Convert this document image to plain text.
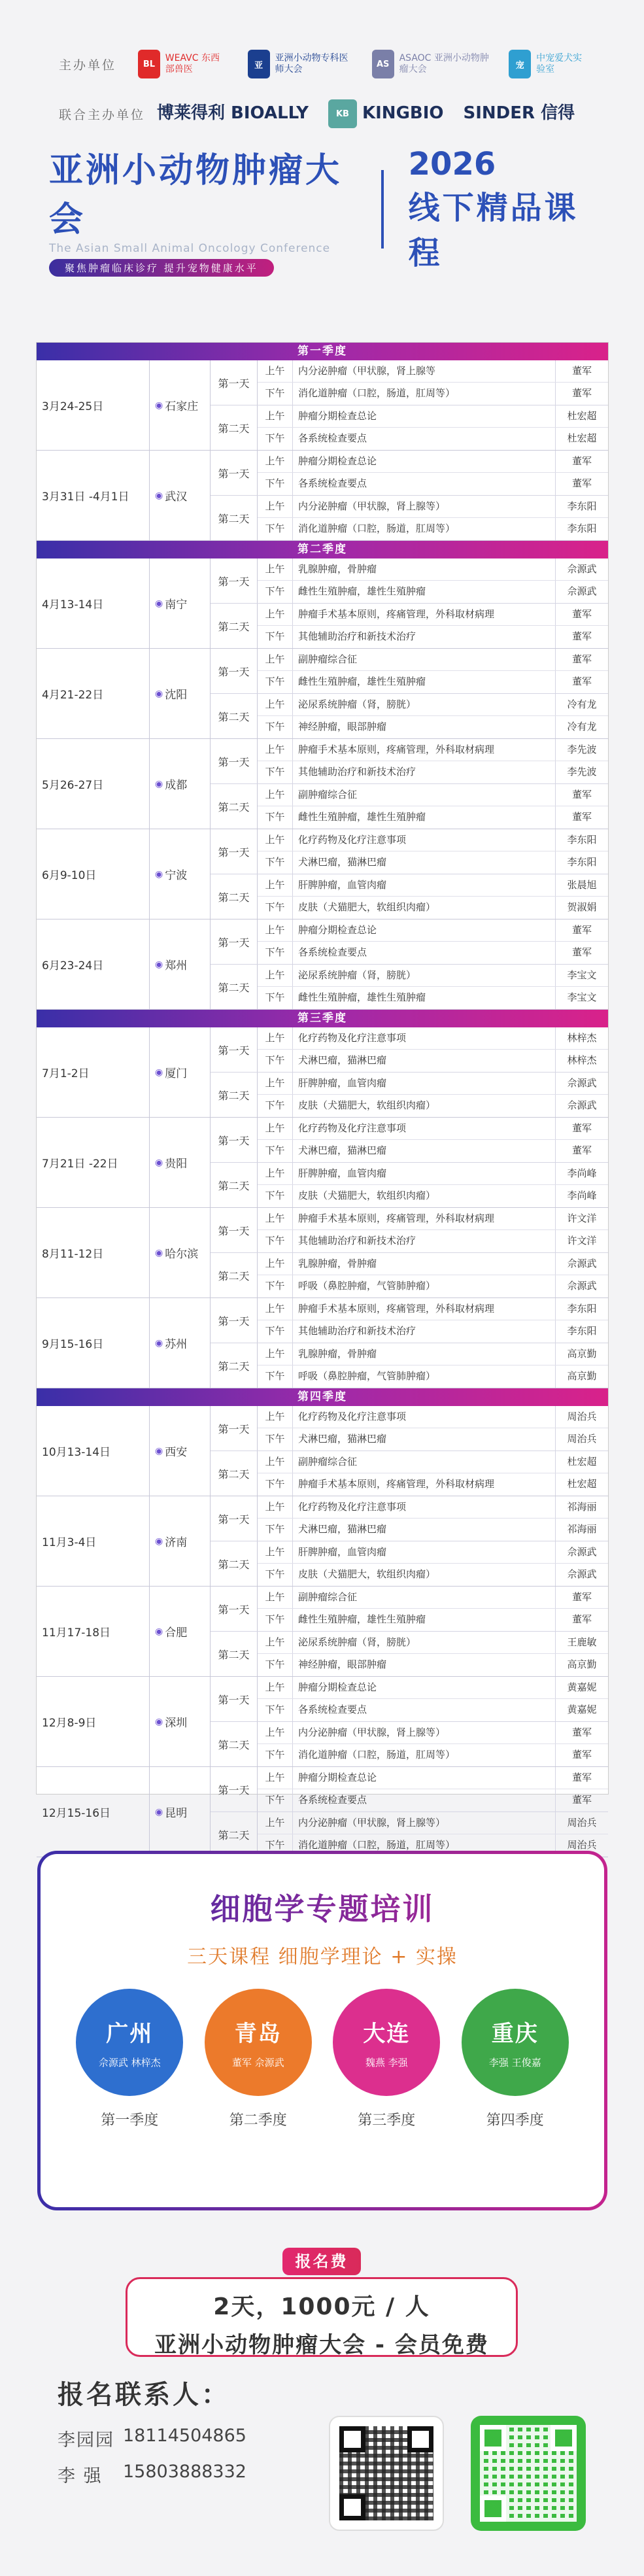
主办单位	BL
WEAVC 东西部兽医	亚
亚洲小动物专科医师大会	AS
ASAOC 亚洲小动物肿瘤大会	宠
中宠爱犬实验室
联合主办单位 博莱得利 BIOALLY	KB KINGBIO SINDER 信得
亚洲小动物肿瘤大会
The Asian Small Animal Oncology Conference
聚焦肿瘤临床诊疗 提升宠物健康水平
2026
线下精品课程
第一季度
3月24-25日	◉ 石家庄
第一天
上午	内分泌肿瘤（甲状腺，肾上腺等	董军
下午	消化道肿瘤（口腔，肠道，肛周等）	董军
第二天
上午	肿瘤分期检查总论	杜宏超
下午	各系统检查要点	杜宏超
3月31日 -4月1日	◉ 武汉
第一天
上午	肿瘤分期检查总论	董军
下午	各系统检查要点	董军
第二天
上午	内分泌肿瘤（甲状腺，肾上腺等）	李东阳
下午	消化道肿瘤（口腔，肠道，肛周等）	李东阳
第二季度
4月13-14日	◉ 南宁
第一天
上午	乳腺肿瘤，骨肿瘤	佘源武
下午	雌性生殖肿瘤，雄性生殖肿瘤	佘源武
第二天
上午	肿瘤手术基本原则，疼痛管理，外科取材病理	董军
下午	其他辅助治疗和新技术治疗	董军
4月21-22日	◉ 沈阳
第一天
上午	副肿瘤综合征	董军
下午	雌性生殖肿瘤，雄性生殖肿瘤	董军
第二天
上午	泌尿系统肿瘤（肾，膀胱）	冷有龙
下午	神经肿瘤，眼部肿瘤	冷有龙
5月26-27日	◉ 成都
第一天
上午	肿瘤手术基本原则，疼痛管理，外科取材病理	李先波
下午	其他辅助治疗和新技术治疗	李先波
第二天
上午	副肿瘤综合征	董军
下午	雌性生殖肿瘤，雄性生殖肿瘤	董军
6月9-10日	◉ 宁波
第一天
上午	化疗药物及化疗注意事项	李东阳
下午	犬淋巴瘤，猫淋巴瘤	李东阳
第二天
上午	肝脾肿瘤，血管肉瘤	张晨旭
下午	皮肤（犬猫肥大，软组织肉瘤）	贺淑娟
6月23-24日	◉ 郑州
第一天
上午	肿瘤分期检查总论	董军
下午	各系统检查要点	董军
第二天
上午	泌尿系统肿瘤（肾，膀胱）	李宝文
下午	雌性生殖肿瘤，雄性生殖肿瘤	李宝文
第三季度
7月1-2日	◉ 厦门
第一天
上午	化疗药物及化疗注意事项	林梓杰
下午	犬淋巴瘤，猫淋巴瘤	林梓杰
第二天
上午	肝脾肿瘤，血管肉瘤	佘源武
下午	皮肤（犬猫肥大，软组织肉瘤）	佘源武
7月21日 -22日	◉ 贵阳
第一天
上午	化疗药物及化疗注意事项	董军
下午	犬淋巴瘤，猫淋巴瘤	董军
第二天
上午	肝脾肿瘤，血管肉瘤	李尚峰
下午	皮肤（犬猫肥大，软组织肉瘤）	李尚峰
8月11-12日	◉ 哈尔滨
第一天
上午	肿瘤手术基本原则，疼痛管理，外科取材病理	许文洋
下午	其他辅助治疗和新技术治疗	许文洋
第二天
上午	乳腺肿瘤，骨肿瘤	佘源武
下午	呼吸（鼻腔肿瘤，气管肺肿瘤）	佘源武
9月15-16日	◉ 苏州
第一天
上午	肿瘤手术基本原则，疼痛管理，外科取材病理	李东阳
下午	其他辅助治疗和新技术治疗	李东阳
第二天
上午	乳腺肿瘤，骨肿瘤	高京勤
下午	呼吸（鼻腔肿瘤，气管肺肿瘤）	高京勤
第四季度
10月13-14日	◉ 西安
第一天
上午	化疗药物及化疗注意事项	周治兵
下午	犬淋巴瘤，猫淋巴瘤	周治兵
第二天
上午	副肿瘤综合征	杜宏超
下午	肿瘤手术基本原则，疼痛管理，外科取材病理	杜宏超
11月3-4日	◉ 济南
第一天
上午	化疗药物及化疗注意事项	祁海丽
下午	犬淋巴瘤，猫淋巴瘤	祁海丽
第二天
上午	肝脾肿瘤，血管肉瘤	佘源武
下午	皮肤（犬猫肥大，软组织肉瘤）	佘源武
11月17-18日	◉ 合肥
第一天
上午	副肿瘤综合征	董军
下午	雌性生殖肿瘤，雄性生殖肿瘤	董军
第二天
上午	泌尿系统肿瘤（肾，膀胱）	王鹿敏
下午	神经肿瘤，眼部肿瘤	高京勤
12月8-9日	◉ 深圳
第一天
上午	肿瘤分期检查总论	黄嘉妮
下午	各系统检查要点	黄嘉妮
第二天
上午	内分泌肿瘤（甲状腺，肾上腺等）	董军
下午	消化道肿瘤（口腔，肠道，肛周等）	董军
12月15-16日	◉ 昆明
第一天
上午	肿瘤分期检查总论	董军
下午	各系统检查要点	董军
第二天
上午	内分泌肿瘤（甲状腺，肾上腺等）	周治兵
下午	消化道肿瘤（口腔，肠道，肛周等）	周治兵
细胞学专题培训
三天课程 细胞学理论 + 实操
广州
佘源武 林梓杰
第一季度
青岛
董军 佘源武
第二季度
大连
魏燕 李强
第三季度
重庆
李强 王俊嘉
第四季度
报名费
2天，1000元 / 人
亚洲小动物肿瘤大会 - 会员免费
报名联系人：
李园园 18114504865
李 强	15803888332
